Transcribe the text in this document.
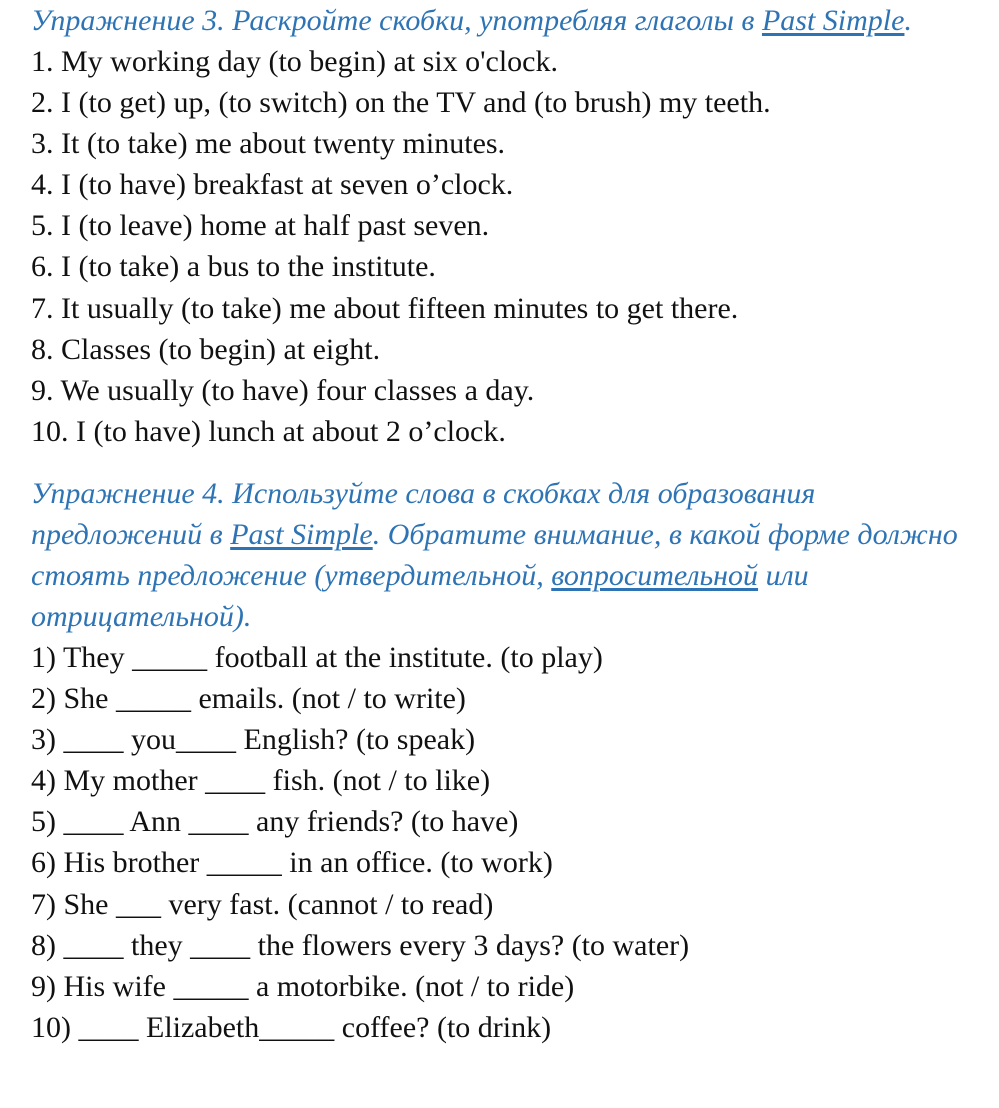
Упражнение 3. Раскройте скобки, употребляя глаголы в Past Simple.

1. My working day (to begin) at six o'clock.
2. I (to get) up, (to switch) on the TV and (to brush) my teeth.
3. It (to take) me about twenty minutes.
4. I (to have) breakfast at seven o’clock.
5. I (to leave) home at half past seven.
6. I (to take) a bus to the institute.
7. It usually (to take) me about fifteen minutes to get there.
8. Classes (to begin) at eight.
9. We usually (to have) four classes a day.
10. I (to have) lunch at about 2 o’clock.

Упражнение 4. Используйте слова в скобках для образования предложений в Past Simple. Обратите внимание, в какой форме должно стоять предложение (утвердительной, вопросительной или отрицательной).

1) They _____ football at the institute. (to play)
2) She _____ emails. (not / to write)
3) ____ you____ English? (to speak)
4) My mother ____ fish. (not / to like)
5) ____ Ann ____ any friends? (to have)
6) His brother _____ in an office. (to work)
7) She ___ very fast. (cannot / to read)
8) ____ they ____ the flowers every 3 days? (to water)
9) His wife _____ a motorbike. (not / to ride)
10) ____ Elizabeth_____ coffee? (to drink)
